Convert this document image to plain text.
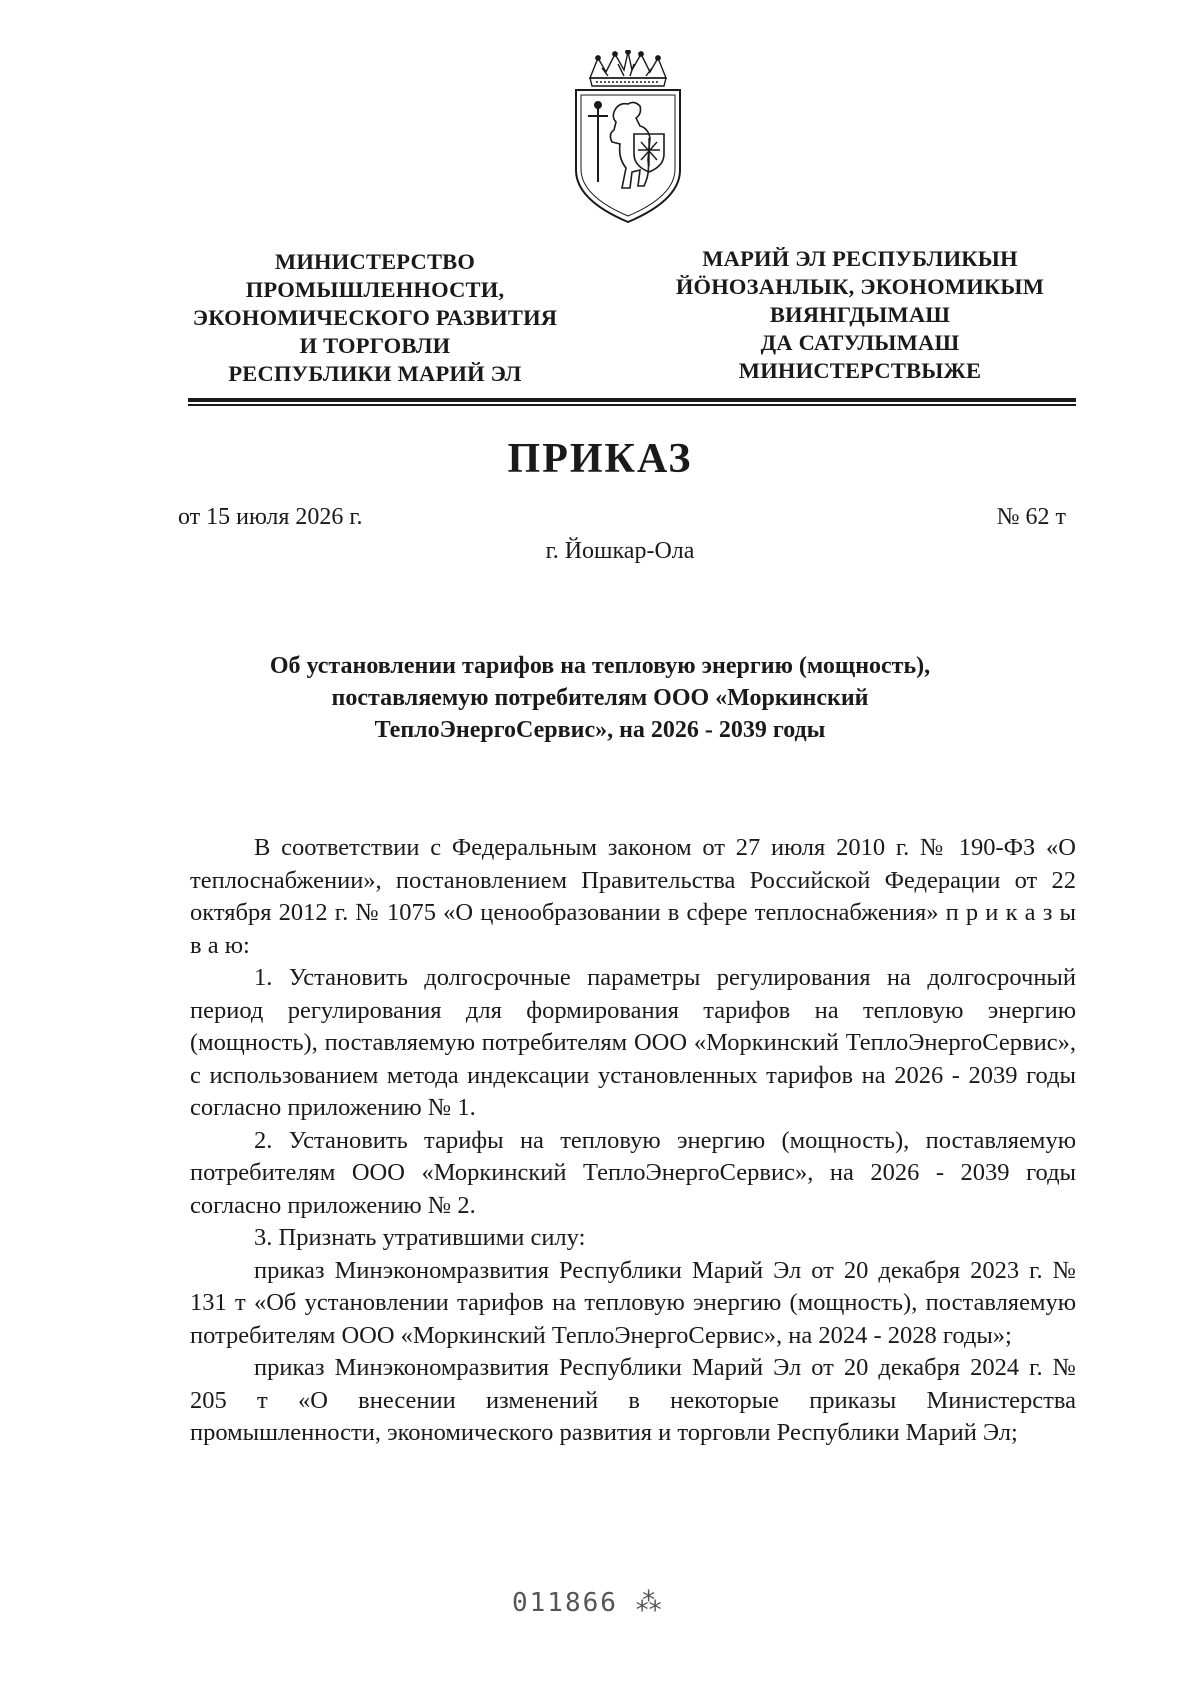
МИНИСТЕРСТВО
ПРОМЫШЛЕННОСТИ,
ЭКОНОМИЧЕСКОГО РАЗВИТИЯ
И ТОРГОВЛИ
РЕСПУБЛИКИ МАРИЙ ЭЛ
МАРИЙ ЭЛ РЕСПУБЛИКЫН
ЙӦНОЗАНЛЫК, ЭКОНОМИКЫМ
ВИЯНГДЫМАШ
ДА САТУЛЫМАШ
МИНИСТЕРСТВЫЖЕ
ПРИКАЗ
от 15 июля 2026 г.	№ 62 т
г. Йошкар-Ола
Об установлении тарифов на тепловую энергию (мощность),
поставляемую потребителям ООО «Моркинский
ТеплоЭнергоСервис», на 2026 - 2039 годы

В соответствии с Федеральным законом от 27 июля 2010 г. № 190-ФЗ «О теплоснабжении», постановлением Правительства Российской Федерации от 22 октября 2012 г. № 1075 «О ценообразовании в сфере теплоснабжения» п р и к а з ы в а ю:

1. Установить долгосрочные параметры регулирования на долгосрочный период регулирования для формирования тарифов на тепловую энергию (мощность), поставляемую потребителям ООО «Моркинский ТеплоЭнергоСервис», с использованием метода индексации установленных тарифов на 2026 - 2039 годы согласно приложению № 1.

2. Установить тарифы на тепловую энергию (мощность), поставляемую потребителям ООО «Моркинский ТеплоЭнергоСервис», на 2026 - 2039 годы согласно приложению № 2.

3. Признать утратившими силу:

приказ Минэкономразвития Республики Марий Эл от 20 декабря 2023 г. № 131 т «Об установлении тарифов на тепловую энергию (мощность), поставляемую потребителям ООО «Моркинский ТеплоЭнергоСервис», на 2024 - 2028 годы»;

приказ Минэкономразвития Республики Марий Эл от 20 декабря 2024 г. № 205 т «О внесении изменений в некоторые приказы Министерства промышленности, экономического развития и торговли Республики Марий Эл;

011866 ⁂
